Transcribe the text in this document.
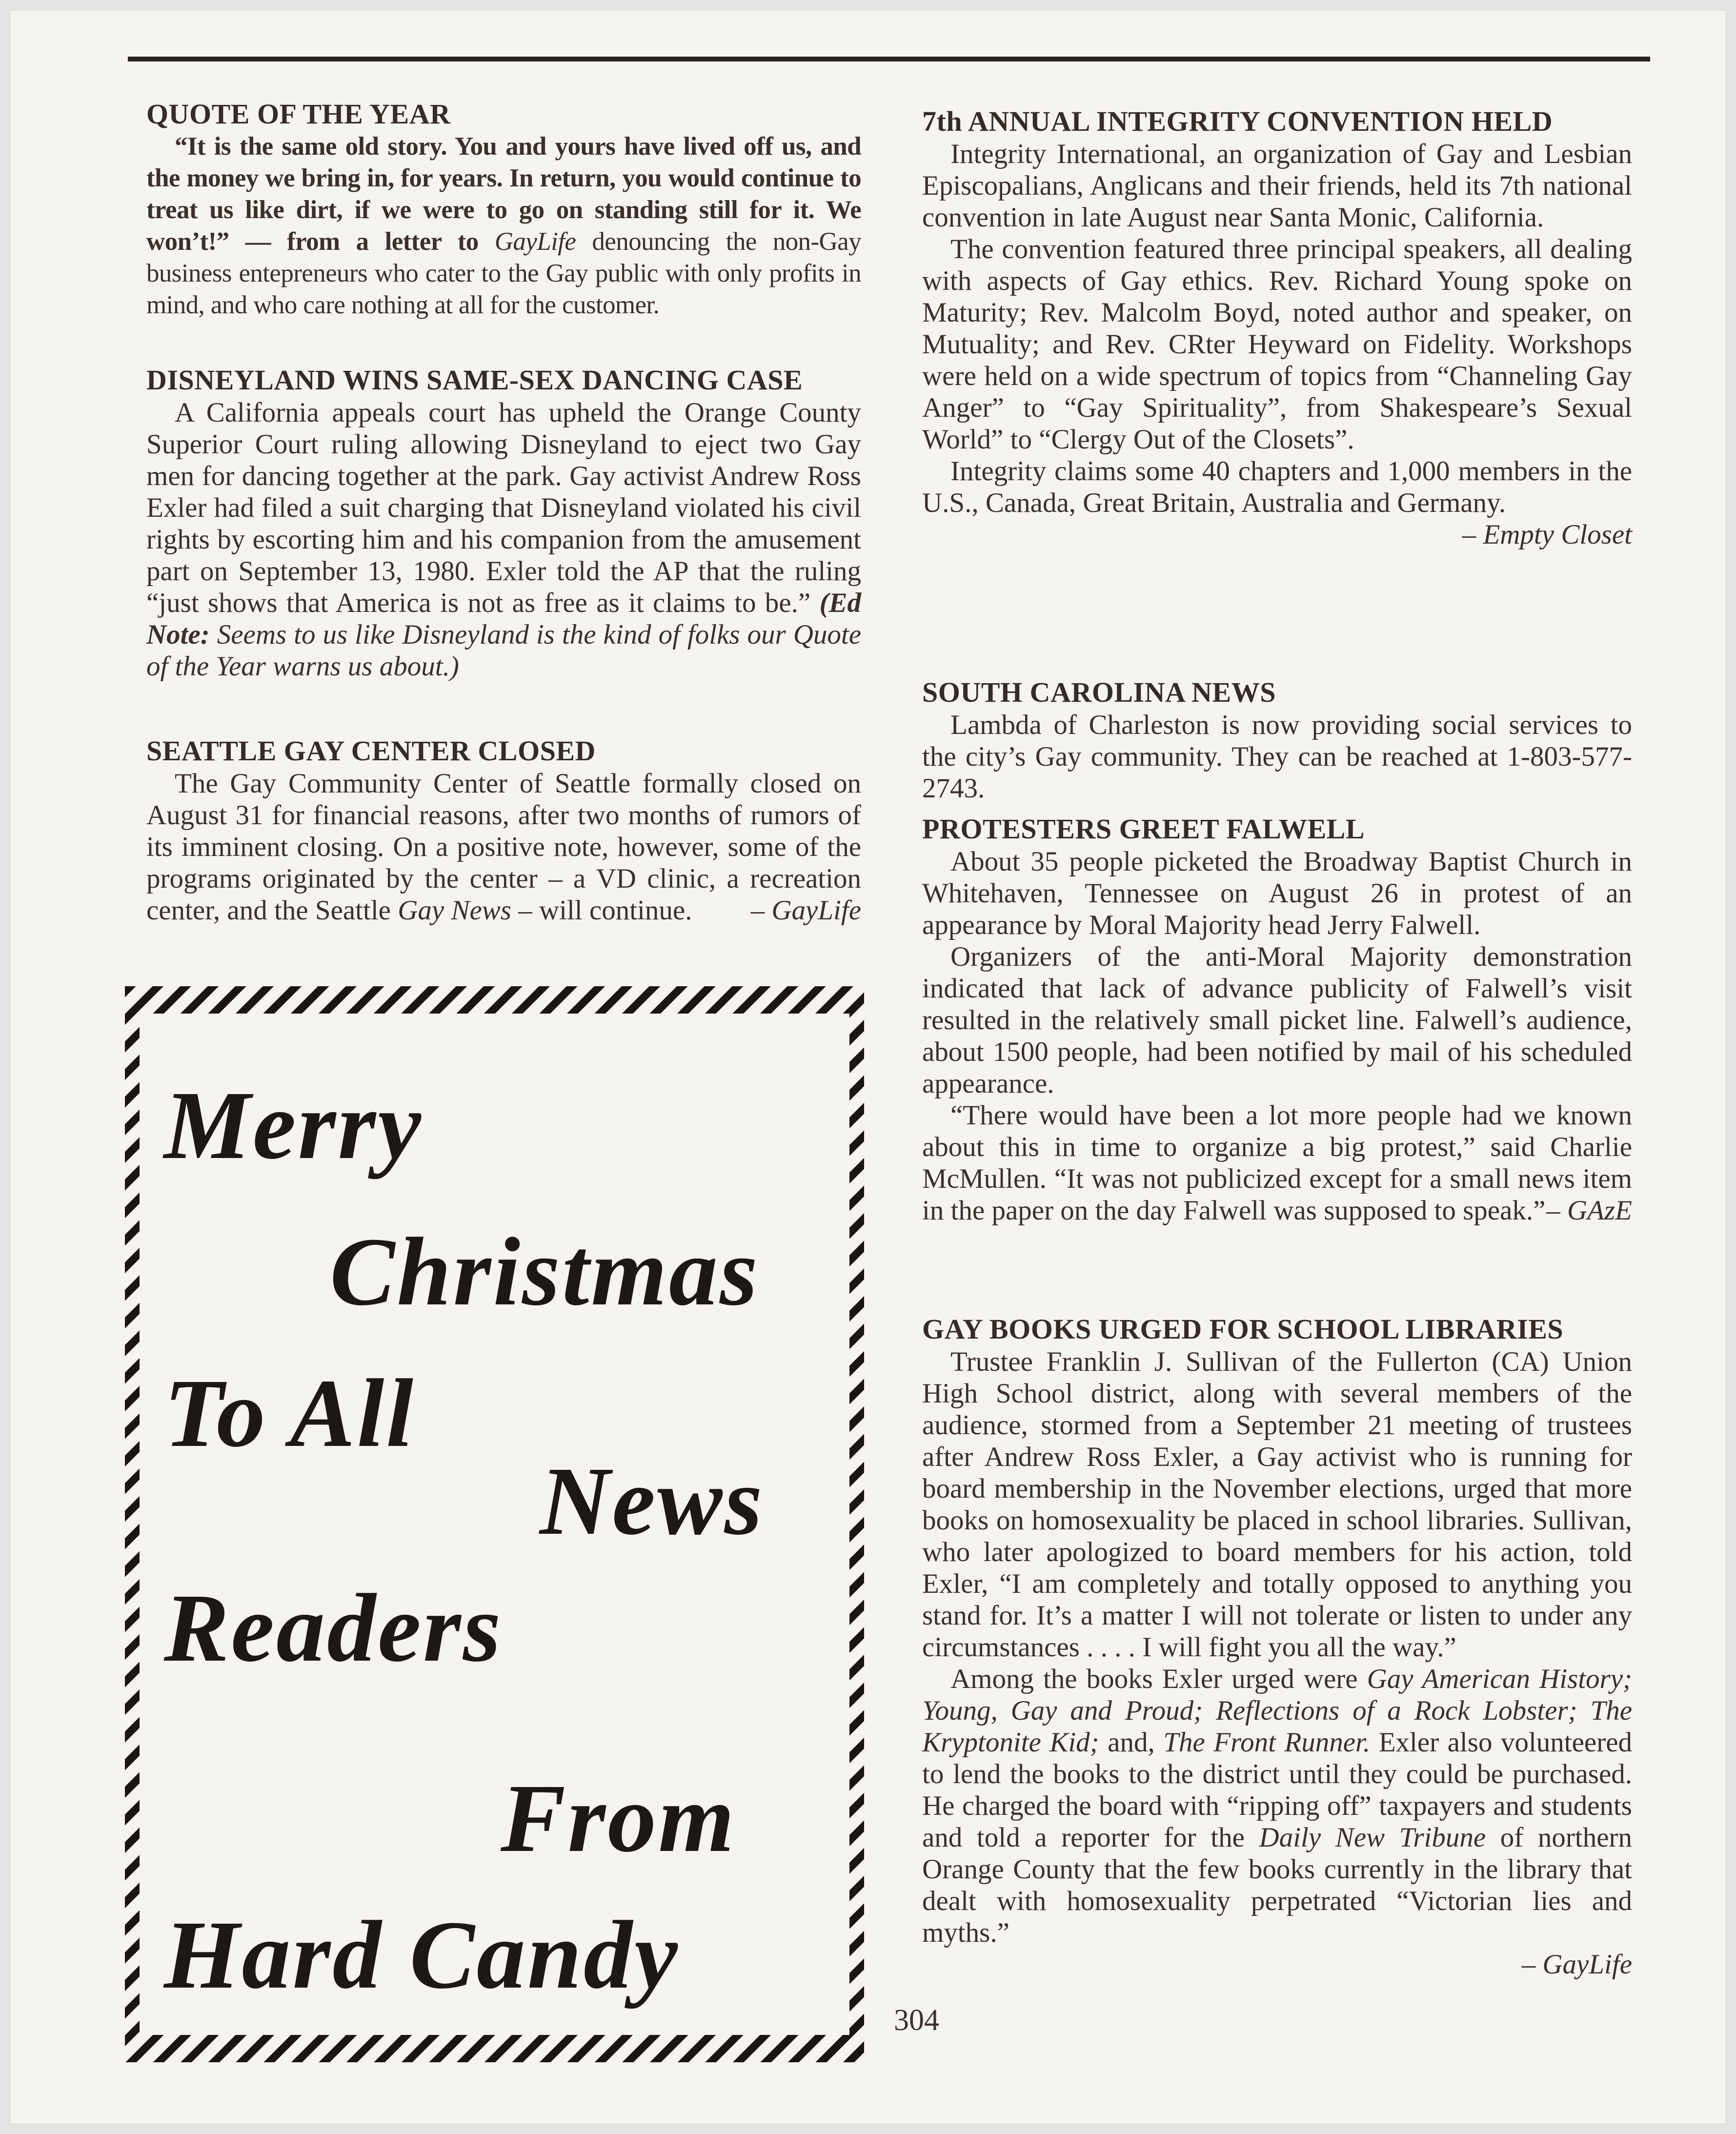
QUOTE OF THE YEAR

“It is the same old story. You and yours have lived off us, and the money we bring in, for years. In return, you would continue to treat us like dirt, if we were to go on standing still for it. We won’t!” — from a letter to GayLife denouncing the non-Gay business entepreneurs who cater to the Gay public with only profits in mind, and who care nothing at all for the customer.

DISNEYLAND WINS SAME-SEX DANCING CASE

A California appeals court has upheld the Orange County Superior Court ruling allowing Disneyland to eject two Gay men for dancing together at the park. Gay activist Andrew Ross Exler had filed a suit charging that Disneyland violated his civil rights by escorting him and his companion from the amusement part on September 13, 1980. Exler told the AP that the ruling “just shows that America is not as free as it claims to be.” (Ed Note: Seems to us like Disneyland is the kind of folks our Quote of the Year warns us about.)

SEATTLE GAY CENTER CLOSED

The Gay Community Center of Seattle formally closed on August 31 for financial reasons, after two months of rumors of its imminent closing. On a positive note, however, some of the programs originated by the center – a VD clinic, a recreation center, and the Seattle Gay News – will continue. – GayLife

Merry
Christmas
To All
News
Readers
From
Hard Candy
7th ANNUAL INTEGRITY CONVENTION HELD

Integrity International, an organization of Gay and Lesbian Episcopalians, Anglicans and their friends, held its 7th national convention in late August near Santa Monic, California.

The convention featured three principal speakers, all dealing with aspects of Gay ethics. Rev. Richard Young spoke on Maturity; Rev. Malcolm Boyd, noted author and speaker, on Mutuality; and Rev. CRter Heyward on Fidelity. Workshops were held on a wide spectrum of topics from “Channeling Gay Anger” to “Gay Spirituality”, from Shakespeare’s Sexual World” to “Clergy Out of the Closets”.

Integrity claims some 40 chapters and 1,000 members in the U.S., Canada, Great Britain, Australia and Germany.
– Empty Closet

SOUTH CAROLINA NEWS

Lambda of Charleston is now providing social services to the city’s Gay community. They can be reached at 1-803-577-2743.

PROTESTERS GREET FALWELL

About 35 people picketed the Broadway Baptist Church in Whitehaven, Tennessee on August 26 in protest of an appearance by Moral Majority head Jerry Falwell.

Organizers of the anti-Moral Majority demonstration indicated that lack of advance publicity of Falwell’s visit resulted in the relatively small picket line. Falwell’s audience, about 1500 people, had been notified by mail of his scheduled appearance.

“There would have been a lot more people had we known about this in time to organize a big protest,” said Charlie McMullen. “It was not publicized except for a small news item in the paper on the day Falwell was supposed to speak.” – GAzE

GAY BOOKS URGED FOR SCHOOL LIBRARIES

Trustee Franklin J. Sullivan of the Fullerton (CA) Union High School district, along with several members of the audience, stormed from a September 21 meeting of trustees after Andrew Ross Exler, a Gay activist who is running for board membership in the November elections, urged that more books on homosexuality be placed in school libraries. Sullivan, who later apologized to board members for his action, told Exler, “I am completely and totally opposed to anything you stand for. It’s a matter I will not tolerate or listen to under any circumstances . . . . I will fight you all the way.”

Among the books Exler urged were Gay American History; Young, Gay and Proud; Reflections of a Rock Lobster; The Kryptonite Kid; and, The Front Runner. Exler also volunteered to lend the books to the district until they could be purchased. He charged the board with “ripping off” taxpayers and students and told a reporter for the Daily New Tribune of northern Orange County that the few books currently in the library that dealt with homosexuality perpetrated “Victorian lies and myths.”

– GayLife
304
